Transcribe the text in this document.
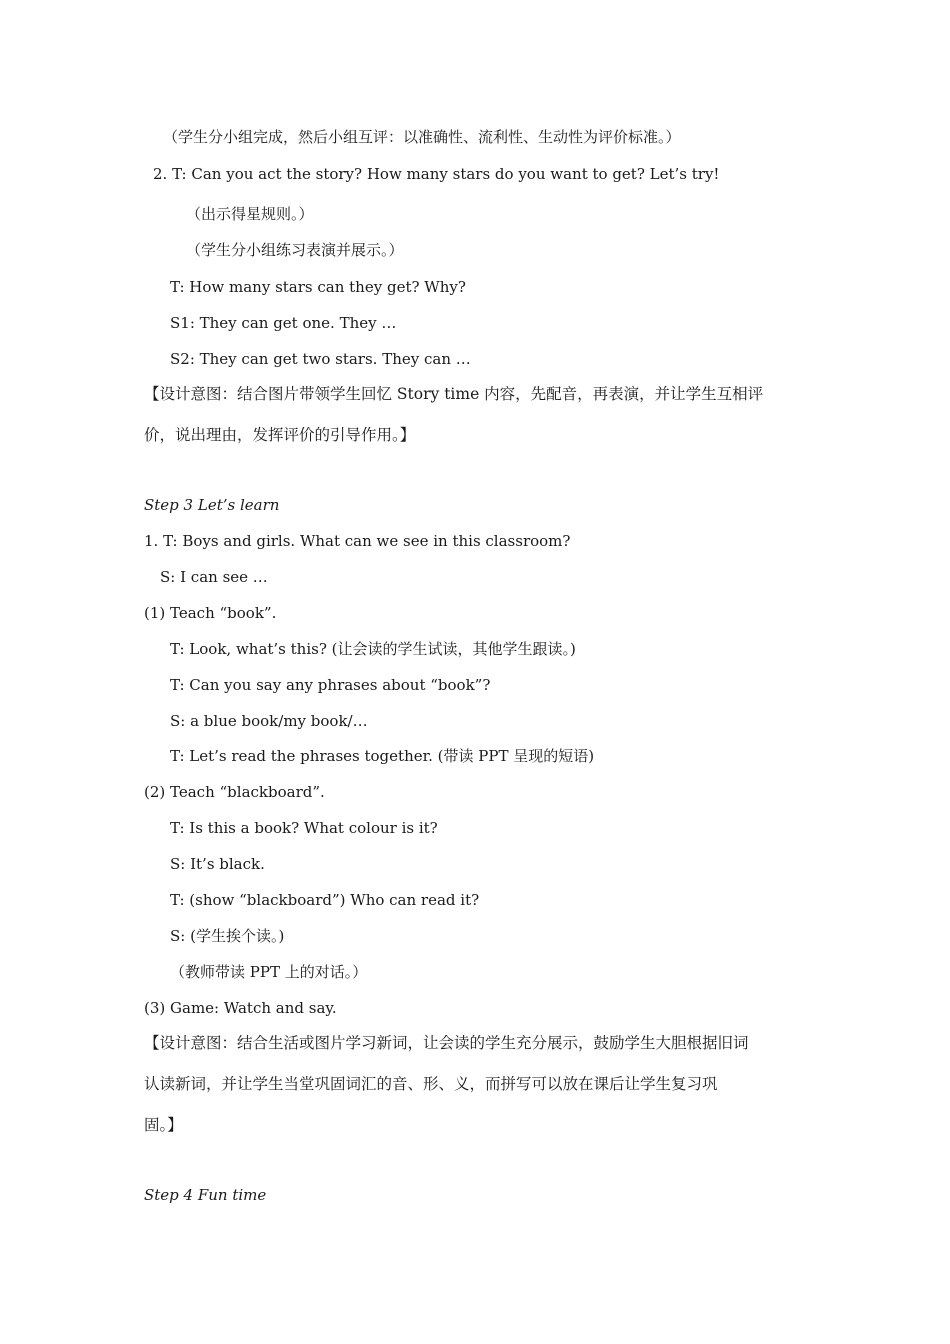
（学生分小组完成，然后小组互评：以准确性、流利性、生动性为评价标准。）
2. T: Can you act the story? How many stars do you want to get? Let’s try!
（出示得星规则。）
（学生分小组练习表演并展示。）
T: How many stars can they get? Why?
S1: They can get one. They …
S2: They can get two stars. They can …
【设计意图：结合图片带领学生回忆 Story time 内容，先配音，再表演，并让学生互相评
价，说出理由，发挥评价的引导作用。】
Step 3 Let’s learn
1. T: Boys and girls. What can we see in this classroom?
S: I can see …
(1) Teach “book”.
T: Look, what’s this? (让会读的学生试读，其他学生跟读。)
T: Can you say any phrases about “book”?
S: a blue book/my book/…
T: Let’s read the phrases together. (带读 PPT 呈现的短语)
(2) Teach “blackboard”.
T: Is this a book? What colour is it?
S: It’s black.
T: (show “blackboard”) Who can read it?
S: (学生挨个读。)
（教师带读 PPT 上的对话。）
(3) Game: Watch and say.
【设计意图：结合生活或图片学习新词，让会读的学生充分展示，鼓励学生大胆根据旧词
认读新词，并让学生当堂巩固词汇的音、形、义，而拼写可以放在课后让学生复习巩
固。】
Step 4 Fun time
